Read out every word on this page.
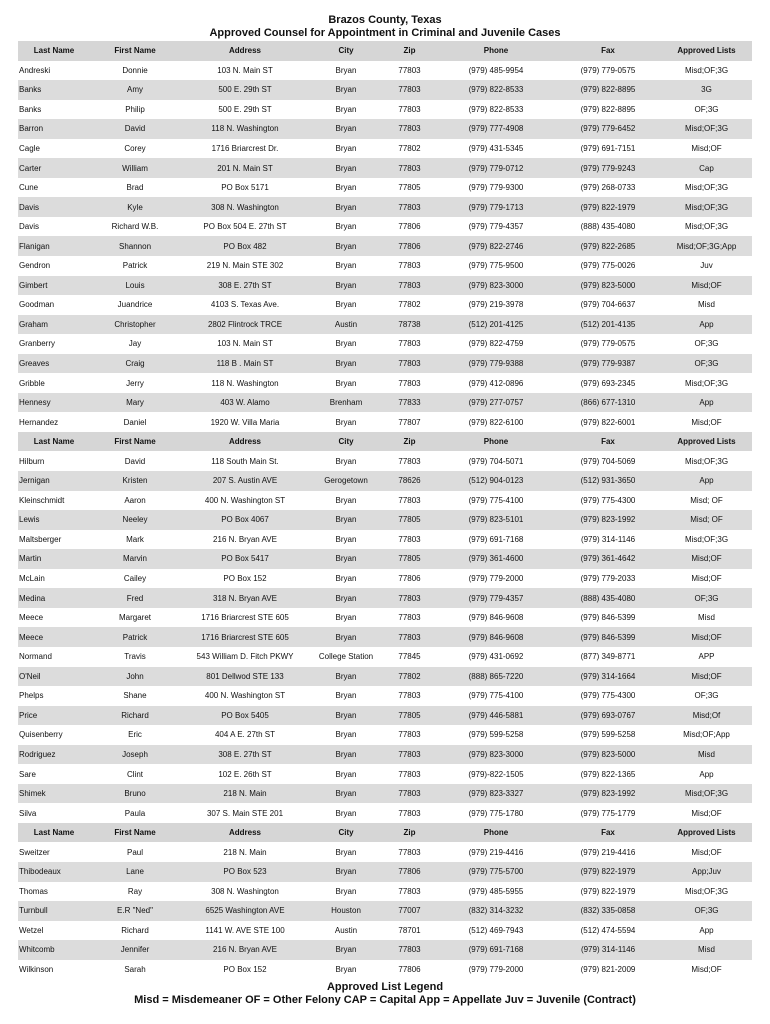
Brazos County, Texas
Approved Counsel for Appointment in Criminal and Juvenile Cases
Last Name	First Name	Address	City	Zip	Phone	Fax	Approved Lists
Andreski	Donnie	103 N. Main ST	Bryan	77803	(979) 485-9954	(979) 779-0575	Misd;OF;3G
Banks	Amy	500 E. 29th ST	Bryan	77803	(979) 822-8533	(979) 822-8895	3G
Banks	Philip	500 E. 29th ST	Bryan	77803	(979) 822-8533	(979) 822-8895	OF;3G
Barron	David	118 N. Washington	Bryan	77803	(979) 777-4908	(979) 779-6452	Misd;OF;3G
Cagle	Corey	1716 Briarcrest Dr.	Bryan	77802	(979) 431-5345	(979) 691-7151	Misd;OF
Carter	William	201 N. Main ST	Bryan	77803	(979) 779-0712	(979) 779-9243	Cap
Cune	Brad	PO Box 5171	Bryan	77805	(979) 779-9300	(979) 268-0733	Misd;OF;3G
Davis	Kyle	308 N. Washington	Bryan	77803	(979) 779-1713	(979) 822-1979	Misd;OF;3G
Davis	Richard W.B.	PO Box 504 E. 27th ST	Bryan	77806	(979) 779-4357	(888) 435-4080	Misd;OF;3G
Flanigan	Shannon	PO Box 482	Bryan	77806	(979) 822-2746	(979) 822-2685	Misd;OF;3G;App
Gendron	Patrick	219 N. Main STE 302	Bryan	77803	(979) 775-9500	(979) 775-0026	Juv
Gimbert	Louis	308 E. 27th ST	Bryan	77803	(979) 823-3000	(979) 823-5000	Misd;OF
Goodman	Juandrice	4103 S. Texas Ave.	Bryan	77802	(979) 219-3978	(979) 704-6637	Misd
Graham	Christopher	2802 Flintrock TRCE	Austin	78738	(512) 201-4125	(512) 201-4135	App
Granberry	Jay	103 N. Main ST	Bryan	77803	(979) 822-4759	(979) 779-0575	OF;3G
Greaves	Craig	118 B . Main ST	Bryan	77803	(979) 779-9388	(979) 779-9387	OF;3G
Gribble	Jerry	118 N. Washington	Bryan	77803	(979) 412-0896	(979) 693-2345	Misd;OF;3G
Hennesy	Mary	403 W. Alamo	Brenham	77833	(979) 277-0757	(866) 677-1310	App
Hernandez	Daniel	1920 W. Villa Maria	Bryan	77807	(979) 822-6100	(979) 822-6001	Misd;OF
Last Name	First Name	Address	City	Zip	Phone	Fax	Approved Lists
Hilburn	David	118 South Main St.	Bryan	77803	(979) 704-5071	(979) 704-5069	Misd;OF;3G
Jernigan	Kristen	207 S. Austin AVE	Gerogetown	78626	(512) 904-0123	(512) 931-3650	App
Kleinschmidt	Aaron	400 N. Washington ST	Bryan	77803	(979) 775-4100	(979) 775-4300	Misd; OF
Lewis	Neeley	PO Box 4067	Bryan	77805	(979) 823-5101	(979) 823-1992	Misd; OF
Maltsberger	Mark	216 N. Bryan AVE	Bryan	77803	(979) 691-7168	(979) 314-1146	Misd;OF;3G
Martin	Marvin	PO Box 5417	Bryan	77805	(979) 361-4600	(979) 361-4642	Misd;OF
McLain	Cailey	PO Box 152	Bryan	77806	(979) 779-2000	(979) 779-2033	Misd;OF
Medina	Fred	318 N. Bryan AVE	Bryan	77803	(979) 779-4357	(888) 435-4080	OF;3G
Meece	Margaret	1716 Briarcrest STE 605	Bryan	77803	(979) 846-9608	(979) 846-5399	Misd
Meece	Patrick	1716 Briarcrest STE 605	Bryan	77803	(979) 846-9608	(979) 846-5399	Misd;OF
Normand	Travis	543 William D. Fitch PKWY	College Station	77845	(979) 431-0692	(877) 349-8771	APP
O'Neil	John	801 Dellwod STE 133	Bryan	77802	(888) 865-7220	(979) 314-1664	Misd;OF
Phelps	Shane	400 N. Washington ST	Bryan	77803	(979) 775-4100	(979) 775-4300	OF;3G
Price	Richard	PO Box 5405	Bryan	77805	(979) 446-5881	(979) 693-0767	Misd;Of
Quisenberry	Eric	404 A E. 27th ST	Bryan	77803	(979) 599-5258	(979) 599-5258	Misd;OF;App
Rodriguez	Joseph	308 E. 27th ST	Bryan	77803	(979) 823-3000	(979) 823-5000	Misd
Sare	Clint	102 E. 26th ST	Bryan	77803	(979)-822-1505	(979) 822-1365	App
Shimek	Bruno	218 N. Main	Bryan	77803	(979) 823-3327	(979) 823-1992	Misd;OF;3G
Silva	Paula	307 S. Main STE 201	Bryan	77803	(979) 775-1780	(979) 775-1779	Misd;OF
Last Name	First Name	Address	City	Zip	Phone	Fax	Approved Lists
Sweitzer	Paul	218 N. Main	Bryan	77803	(979) 219-4416	(979) 219-4416	Misd;OF
Thibodeaux	Lane	PO Box 523	Bryan	77806	(979) 775-5700	(979) 822-1979	App;Juv
Thomas	Ray	308 N. Washington	Bryan	77803	(979) 485-5955	(979) 822-1979	Misd;OF;3G
Turnbull	E.R "Ned"	6525 Washington AVE	Houston	77007	(832) 314-3232	(832) 335-0858	OF;3G
Wetzel	Richard	1141 W. AVE STE 100	Austin	78701	(512) 469-7943	(512) 474-5594	App
Whitcomb	Jennifer	216 N. Bryan AVE	Bryan	77803	(979) 691-7168	(979) 314-1146	Misd
Wilkinson	Sarah	PO Box 152	Bryan	77806	(979) 779-2000	(979) 821-2009	Misd;OF
Approved List Legend
Misd = Misdemeaner OF = Other Felony CAP = Capital App = Appellate Juv = Juvenile (Contract)
